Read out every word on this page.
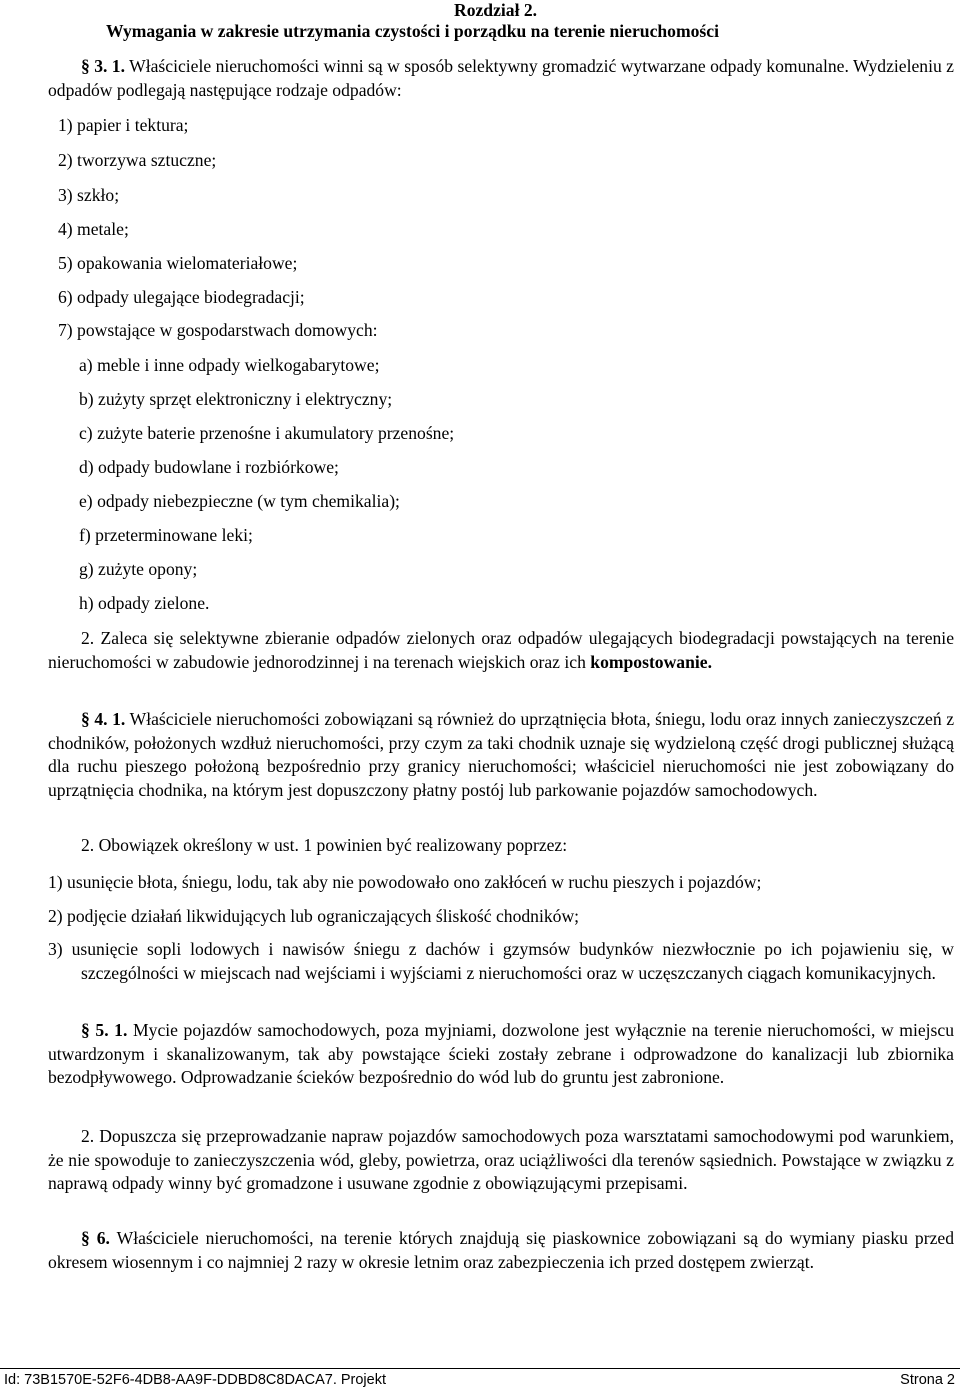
Rozdział 2.
Wymagania w zakresie utrzymania czystości i porządku na terenie nieruchomości
§ 3. 1. Właściciele nieruchomości winni są w sposób selektywny gromadzić wytwarzane odpady komunalne. Wydzieleniu z odpadów podlegają następujące rodzaje odpadów:
1) papier i tektura;
2) tworzywa sztuczne;
3) szkło;
4) metale;
5) opakowania wielomateriałowe;
6) odpady ulegające biodegradacji;
7) powstające w gospodarstwach domowych:
a) meble i inne odpady wielkogabarytowe;
b) zużyty sprzęt elektroniczny i elektryczny;
c) zużyte baterie przenośne i akumulatory przenośne;
d) odpady budowlane i rozbiórkowe;
e) odpady niebezpieczne (w tym chemikalia);
f) przeterminowane leki;
g) zużyte opony;
h) odpady zielone.
2. Zaleca się selektywne zbieranie odpadów zielonych oraz odpadów ulegających biodegradacji powstających na terenie nieruchomości w zabudowie jednorodzinnej i na terenach wiejskich oraz ich kompostowanie.
§ 4. 1. Właściciele nieruchomości zobowiązani są również do uprzątnięcia błota, śniegu, lodu oraz innych zanieczyszczeń z chodników, położonych wzdłuż nieruchomości, przy czym za taki chodnik uznaje się wydzieloną część drogi publicznej służącą dla ruchu pieszego położoną bezpośrednio przy granicy nieruchomości; właściciel nieruchomości nie jest zobowiązany do uprzątnięcia chodnika, na którym jest dopuszczony płatny postój lub parkowanie pojazdów samochodowych.
2. Obowiązek określony w ust. 1 powinien być realizowany poprzez:
1) usunięcie błota, śniegu, lodu, tak aby nie powodowało ono zakłóceń w ruchu pieszych i pojazdów;
2) podjęcie działań likwidujących lub ograniczających śliskość chodników;
3) usunięcie sopli lodowych i nawisów śniegu z dachów i gzymsów budynków niezwłocznie po ich pojawieniu się, w szczególności w miejscach nad wejściami i wyjściami z nieruchomości oraz w uczęszczanych ciągach komunikacyjnych.
§ 5. 1. Mycie pojazdów samochodowych, poza myjniami, dozwolone jest wyłącznie na terenie nieruchomości, w miejscu utwardzonym i skanalizowanym, tak aby powstające ścieki zostały zebrane i odprowadzone do kanalizacji lub zbiornika bezodpływowego. Odprowadzanie ścieków bezpośrednio do wód lub do gruntu jest zabronione.
2. Dopuszcza się przeprowadzanie napraw pojazdów samochodowych poza warsztatami samochodowymi pod warunkiem, że nie spowoduje to zanieczyszczenia wód, gleby, powietrza, oraz uciążliwości dla terenów sąsiednich. Powstające w związku z naprawą odpady winny być gromadzone i usuwane zgodnie z obowiązującymi przepisami.
§ 6. Właściciele nieruchomości, na terenie których znajdują się piaskownice zobowiązani są do wymiany piasku przed okresem wiosennym i co najmniej 2 razy w okresie letnim oraz zabezpieczenia ich przed dostępem zwierząt.
Id: 73B1570E-52F6-4DB8-AA9F-DDBD8C8DACA7. Projekt	Strona 2
